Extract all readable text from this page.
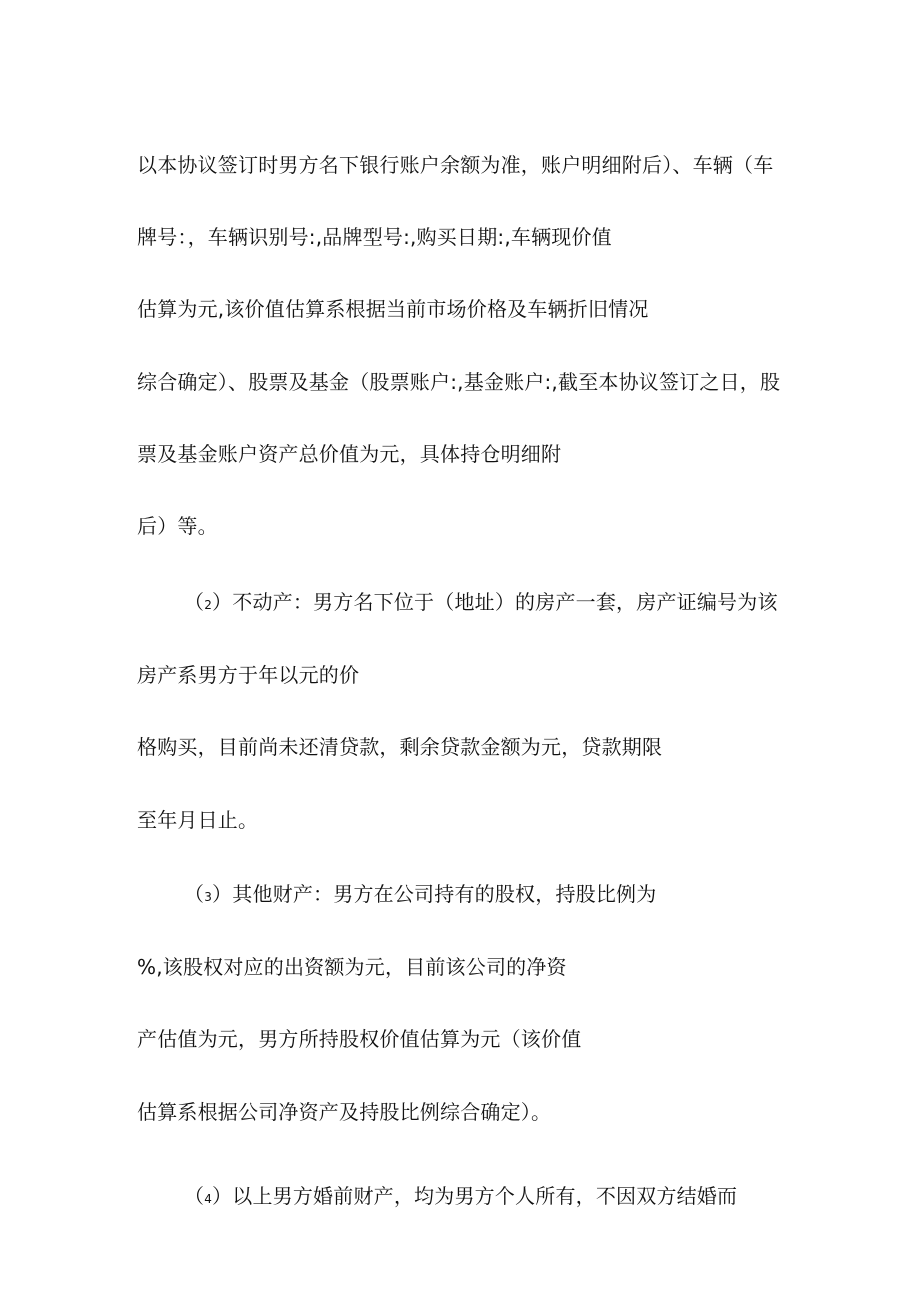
以本协议签订时男方名下银行账户余额为准，账户明细附后）、车辆（车

牌号：，车辆识别号:,品牌型号:,购买日期:,车辆现价值

估算为元,该价值估算系根据当前市场价格及车辆折旧情况

综合确定）、股票及基金（股票账户:,基金账户:,截至本协议签订之日，股

票及基金账户资产总价值为元，具体持仓明细附

后）等。

（2）不动产：男方名下位于（地址）的房产一套，房产证编号为该

房产系男方于年以元的价

格购买，目前尚未还清贷款，剩余贷款金额为元，贷款期限

至年月日止。

（3）其他财产：男方在公司持有的股权，持股比例为

%,该股权对应的出资额为元，目前该公司的净资

产估值为元，男方所持股权价值估算为元（该价值

估算系根据公司净资产及持股比例综合确定）。

（4）以上男方婚前财产，均为男方个人所有，不因双方结婚而
